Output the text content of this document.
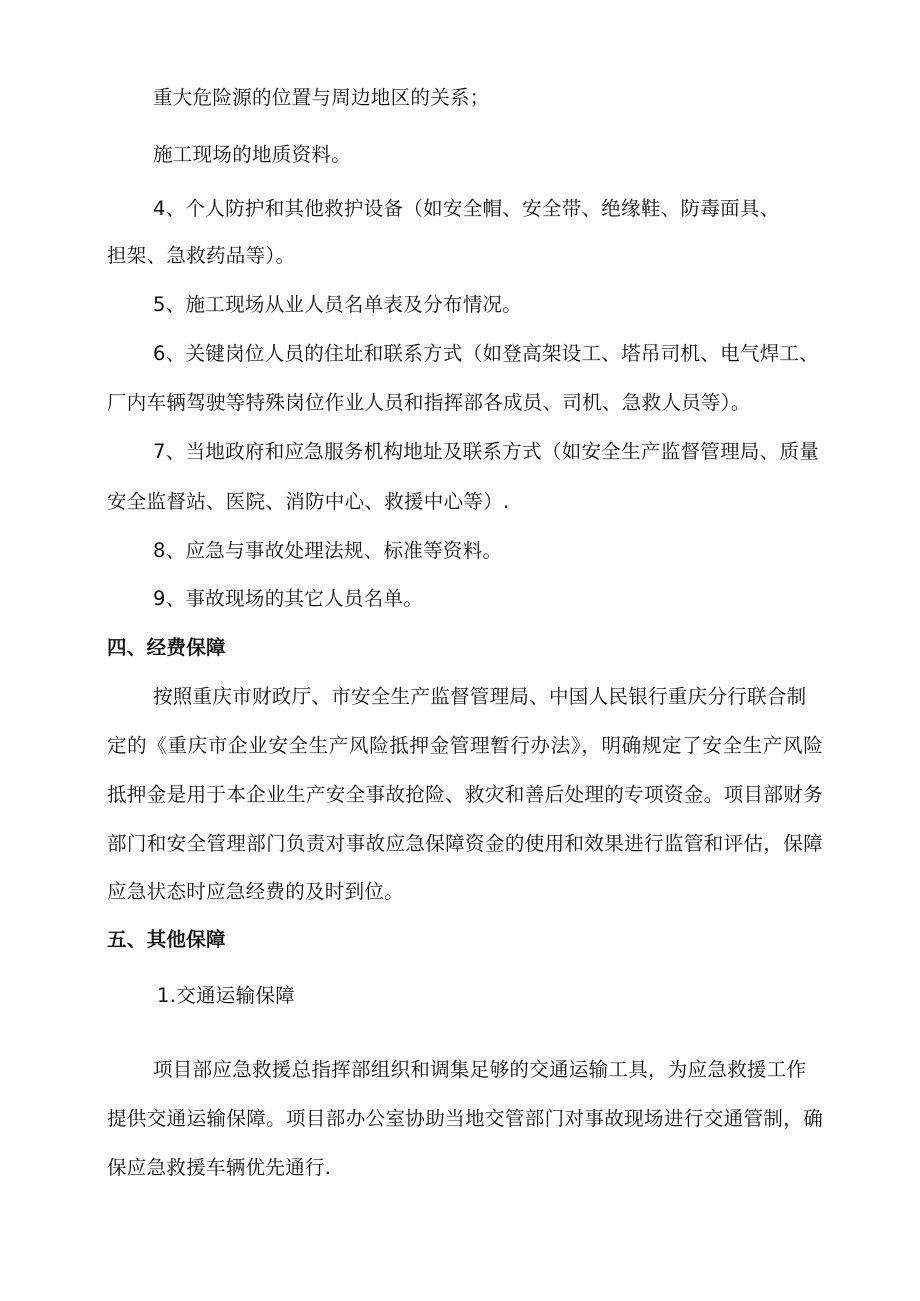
重大危险源的位置与周边地区的关系；
施工现场的地质资料。
4、个人防护和其他救护设备（如安全帽、安全带、绝缘鞋、防毒面具、
担架、急救药品等）。
5、施工现场从业人员名单表及分布情况。
6、关键岗位人员的住址和联系方式（如登高架设工、塔吊司机、电气焊工、
厂内车辆驾驶等特殊岗位作业人员和指挥部各成员、司机、急救人员等）。
7、当地政府和应急服务机构地址及联系方式（如安全生产监督管理局、质量
安全监督站、医院、消防中心、救援中心等）.
8、应急与事故处理法规、标准等资料。
9、事故现场的其它人员名单。
四、经费保障
按照重庆市财政厅、市安全生产监督管理局、中国人民银行重庆分行联合制
定的《重庆市企业安全生产风险抵押金管理暂行办法》，明确规定了安全生产风险
抵押金是用于本企业生产安全事故抢险、救灾和善后处理的专项资金。项目部财务
部门和安全管理部门负责对事故应急保障资金的使用和效果进行监管和评估，保障
应急状态时应急经费的及时到位。
五、其他保障
1.交通运输保障
项目部应急救援总指挥部组织和调集足够的交通运输工具，为应急救援工作
提供交通运输保障。项目部办公室协助当地交管部门对事故现场进行交通管制，确
保应急救援车辆优先通行.
